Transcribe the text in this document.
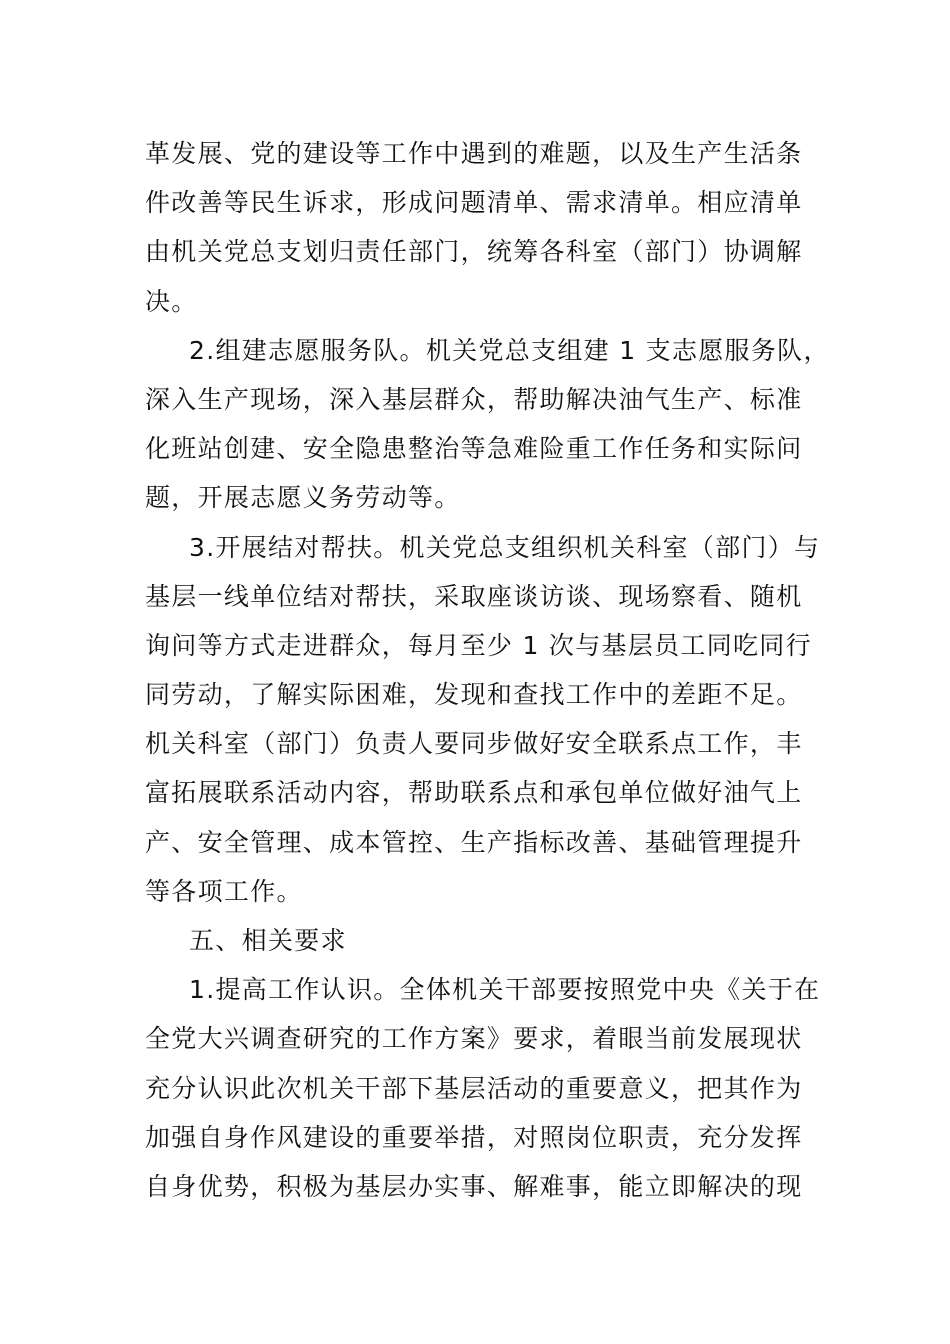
革发展、党的建设等工作中遇到的难题，以及生产生活条
件改善等民生诉求，形成问题清单、需求清单。相应清单
由机关党总支划归责任部门，统筹各科室（部门）协调解
决。
2.组建志愿服务队。机关党总支组建 1 支志愿服务队，
深入生产现场，深入基层群众，帮助解决油气生产、标准
化班站创建、安全隐患整治等急难险重工作任务和实际问
题，开展志愿义务劳动等。
3.开展结对帮扶。机关党总支组织机关科室（部门）与
基层一线单位结对帮扶，采取座谈访谈、现场察看、随机
询问等方式走进群众，每月至少 1 次与基层员工同吃同行
同劳动，了解实际困难，发现和查找工作中的差距不足。
机关科室（部门）负责人要同步做好安全联系点工作，丰
富拓展联系活动内容，帮助联系点和承包单位做好油气上
产、安全管理、成本管控、生产指标改善、基础管理提升
等各项工作。
五、相关要求
1.提高工作认识。全体机关干部要按照党中央《关于在
全党大兴调查研究的工作方案》要求，着眼当前发展现状
充分认识此次机关干部下基层活动的重要意义，把其作为
加强自身作风建设的重要举措，对照岗位职责，充分发挥
自身优势，积极为基层办实事、解难事，能立即解决的现
